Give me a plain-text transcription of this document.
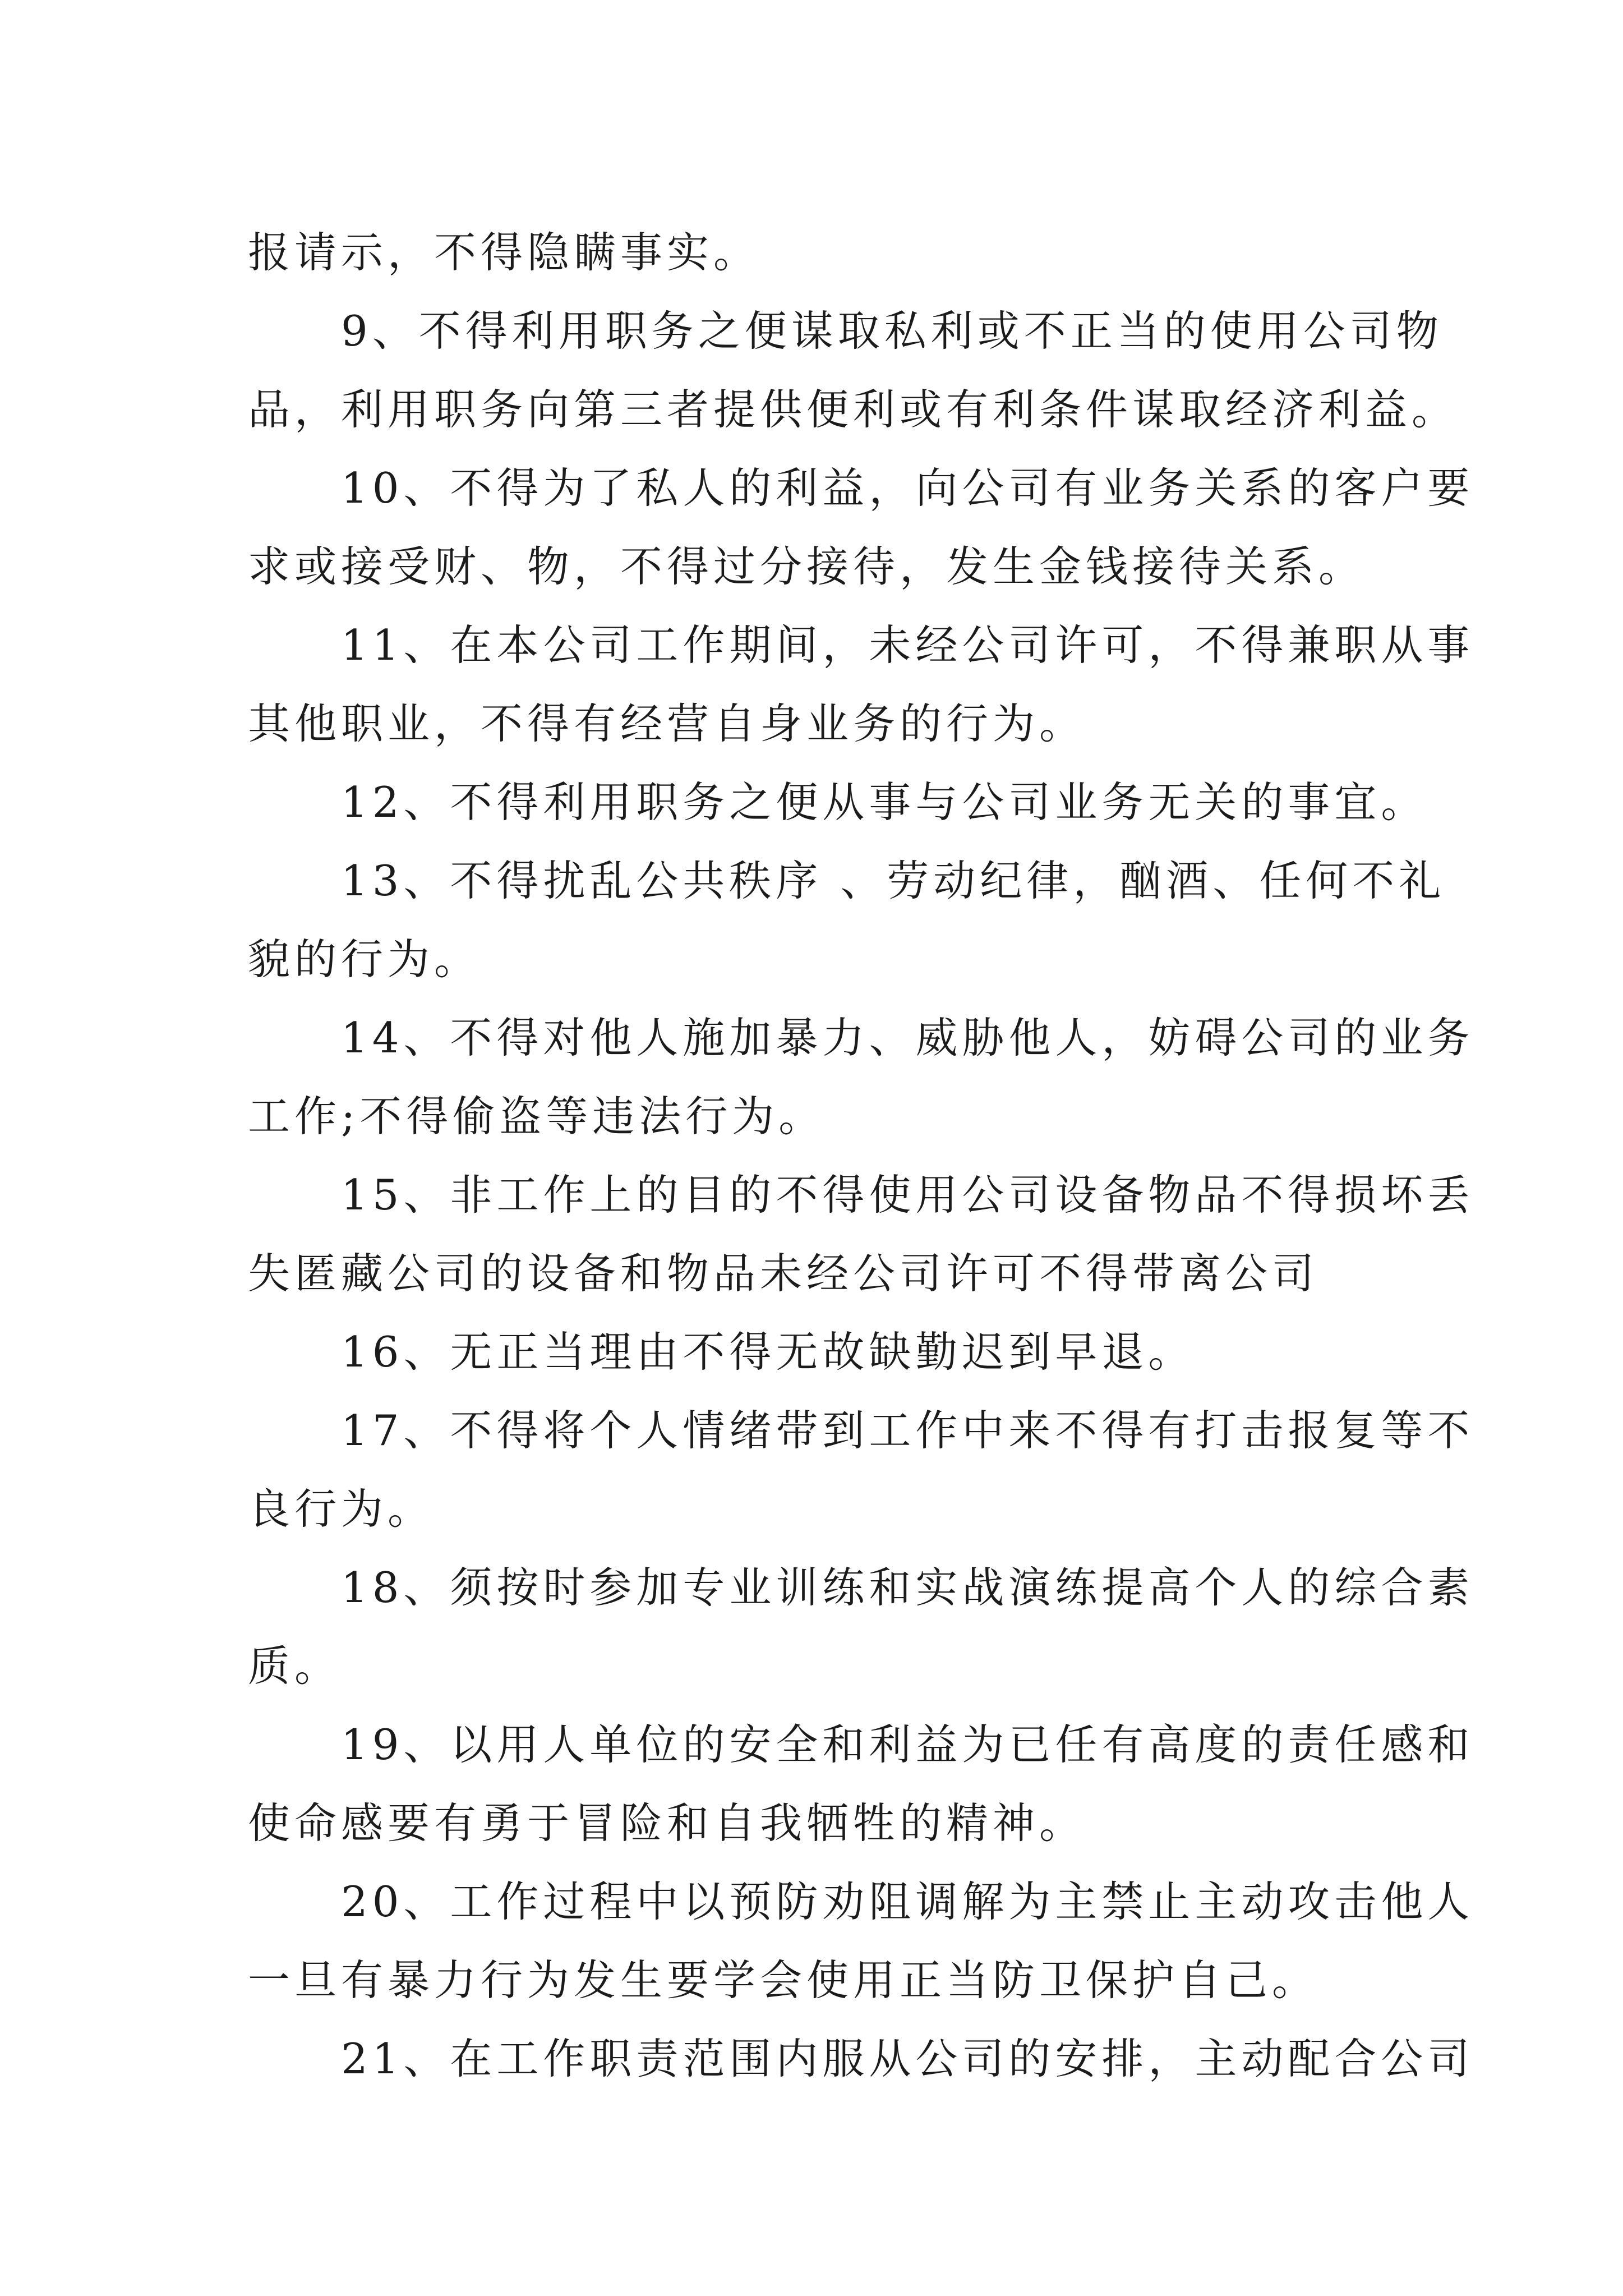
报请示，不得隐瞒事实。
　　9、不得利用职务之便谋取私利或不正当的使用公司物
品，利用职务向第三者提供便利或有利条件谋取经济利益。
　　10、不得为了私人的利益，向公司有业务关系的客户要
求或接受财、物，不得过分接待，发生金钱接待关系。
　　11、在本公司工作期间，未经公司许可，不得兼职从事
其他职业，不得有经营自身业务的行为。
　　12、不得利用职务之便从事与公司业务无关的事宜。
　　13、不得扰乱公共秩序 、劳动纪律，酗酒、任何不礼
貌的行为。
　　14、不得对他人施加暴力、威胁他人，妨碍公司的业务
工作;不得偷盗等违法行为。
　　15、非工作上的目的不得使用公司设备物品不得损坏丢
失匿藏公司的设备和物品未经公司许可不得带离公司
　　16、无正当理由不得无故缺勤迟到早退。
　　17、不得将个人情绪带到工作中来不得有打击报复等不
良行为。
　　18、须按时参加专业训练和实战演练提高个人的综合素
质。
　　19、以用人单位的安全和利益为已任有高度的责任感和
使命感要有勇于冒险和自我牺牲的精神。
　　20、工作过程中以预防劝阻调解为主禁止主动攻击他人
一旦有暴力行为发生要学会使用正当防卫保护自己。
　　21、在工作职责范围内服从公司的安排，主动配合公司
